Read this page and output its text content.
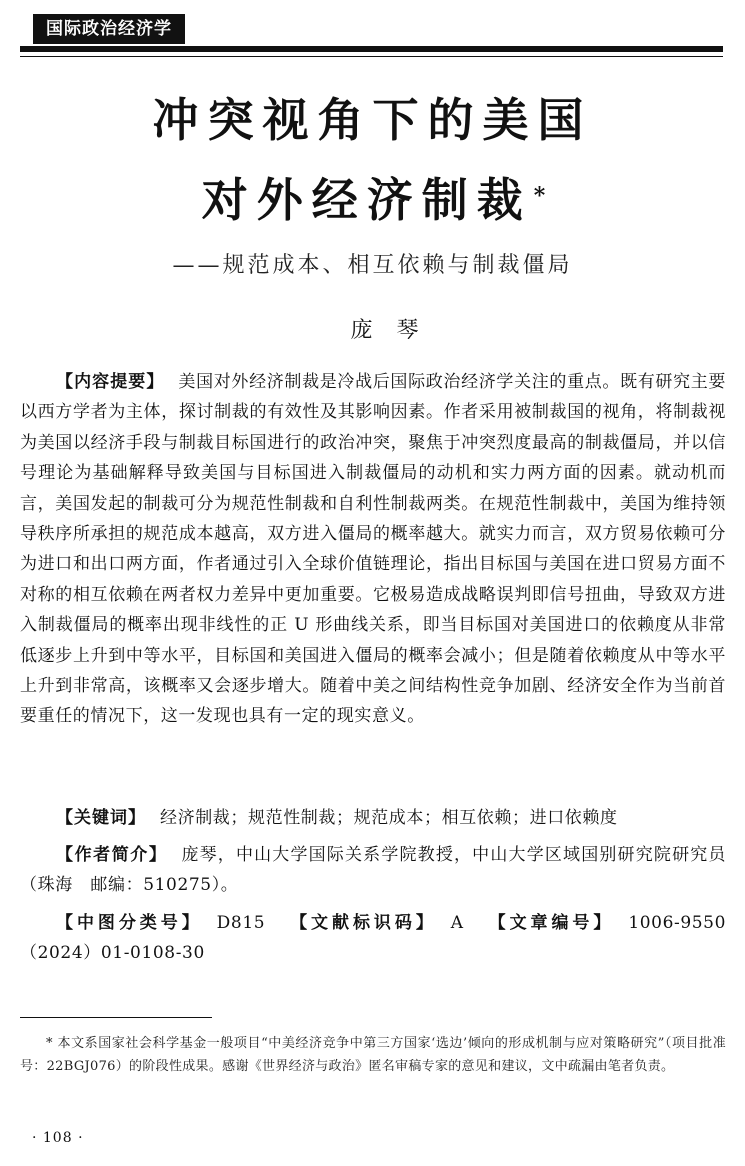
国际政治经济学
冲突视角下的美国
对外经济制裁*
——规范成本、相互依赖与制裁僵局
庞琴
【内容提要】 美国对外经济制裁是冷战后国际政治经济学关注的重点。既有研究主要以西方学者为主体，探讨制裁的有效性及其影响因素。作者采用被制裁国的视角，将制裁视为美国以经济手段与制裁目标国进行的政治冲突，聚焦于冲突烈度最高的制裁僵局，并以信号理论为基础解释导致美国与目标国进入制裁僵局的动机和实力两方面的因素。就动机而言，美国发起的制裁可分为规范性制裁和自利性制裁两类。在规范性制裁中，美国为维持领导秩序所承担的规范成本越高，双方进入僵局的概率越大。就实力而言，双方贸易依赖可分为进口和出口两方面，作者通过引入全球价值链理论，指出目标国与美国在进口贸易方面不对称的相互依赖在两者权力差异中更加重要。它极易造成战略误判即信号扭曲，导致双方进入制裁僵局的概率出现非线性的正 U 形曲线关系，即当目标国对美国进口的依赖度从非常低逐步上升到中等水平，目标国和美国进入僵局的概率会减小；但是随着依赖度从中等水平上升到非常高，该概率又会逐步增大。随着中美之间结构性竞争加剧、经济安全作为当前首要重任的情况下，这一发现也具有一定的现实意义。
【关键词】 经济制裁；规范性制裁；规范成本；相互依赖；进口依赖度
【作者简介】 庞琴，中山大学国际关系学院教授，中山大学区域国别研究院研究员（珠海　邮编：510275）。
【中图分类号】 D815 【文献标识码】 A 【文章编号】 1006-9550（2024）01-0108-30
* 本文系国家社会科学基金一般项目“中美经济竞争中第三方国家‘选边’倾向的形成机制与应对策略研究”（项目批准号：22BGJ076）的阶段性成果。感谢《世界经济与政治》匿名审稿专家的意见和建议，文中疏漏由笔者负责。
· 108 ·
